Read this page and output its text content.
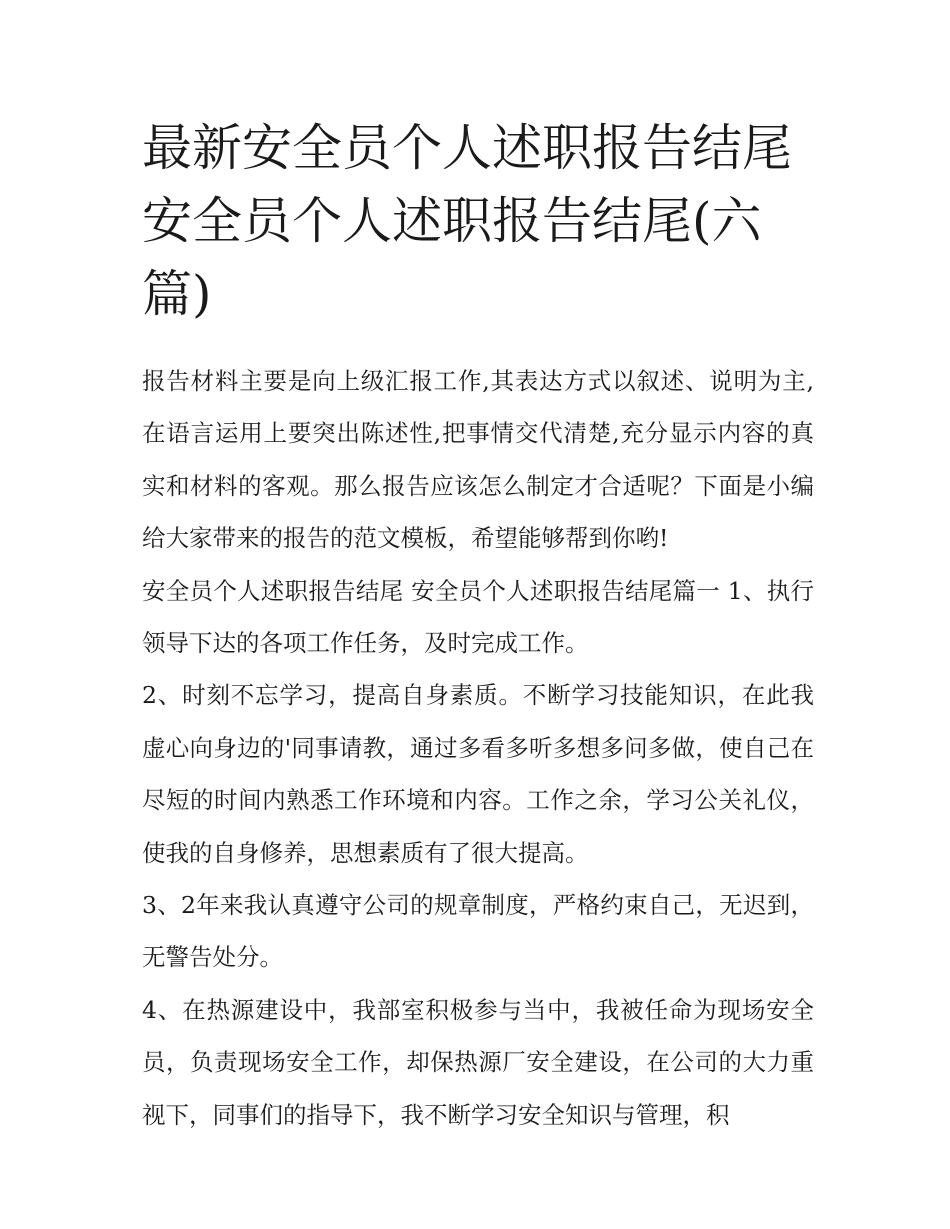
最新安全员个人述职报告结尾 安全员个人述职报告结尾(六篇)

报告材料主要是向上级汇报工作,其表达方式以叙述、说明为主,在语言运用上要突出陈述性,把事情交代清楚,充分显示内容的真实和材料的客观。那么报告应该怎么制定才合适呢？下面是小编给大家带来的报告的范文模板，希望能够帮到你哟!

安全员个人述职报告结尾 安全员个人述职报告结尾篇一 1、执行领导下达的各项工作任务，及时完成工作。

2、时刻不忘学习，提高自身素质。不断学习技能知识，在此我虚心向身边的'同事请教，通过多看多听多想多问多做，使自己在尽短的时间内熟悉工作环境和内容。工作之余，学习公关礼仪，使我的自身修养，思想素质有了很大提高。

3、2年来我认真遵守公司的规章制度，严格约束自己，无迟到，无警告处分。

4、在热源建设中，我部室积极参与当中，我被任命为现场安全员，负责现场安全工作，却保热源厂安全建设，在公司的大力重视下，同事们的指导下，我不断学习安全知识与管理，积
